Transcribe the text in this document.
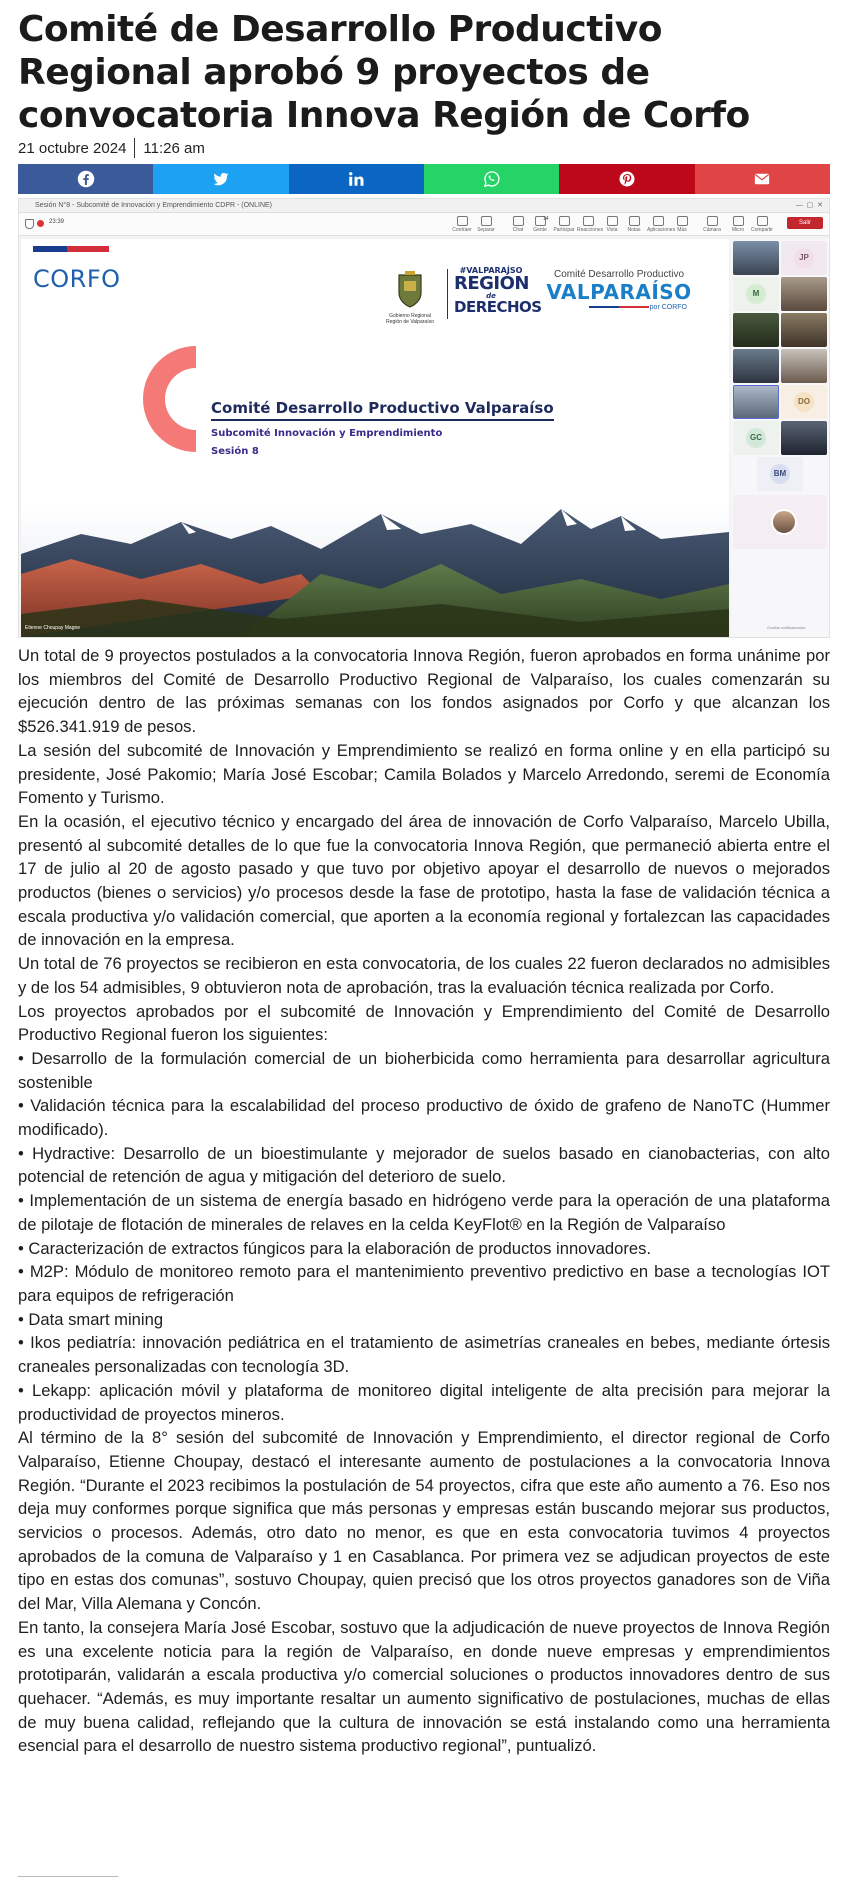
Comité de Desarrollo Productivo Regional aprobó 9 proyectos de convocatoria Innova Región de Corfo
21 octubre 2024 11:26 am
Sesión N°8 - Subcomité de Innovación y Emprendimiento CDPR - (ONLINE)	—  ▢  ✕
23:39
Contraer	Separar	Chat	Gente
14
Participar Reacciones Vista	Notas	Aplicaciones Más	Cámara	Micro	Compartir
Salir
CORFO
Gobierno Regional
Región de Valparaíso
#VALPARAÍSO
REGIÓN
de
DERECHOS
Comité Desarrollo Productivo
VALPARAÍSO
por CORFO
Comité Desarrollo Productivo Valparaíso
Subcomité Innovación y Emprendimiento
Sesión 8
Etienne Choupay Magne
JP
M
DO
GC
BM
Ocultar notificaciones

Un total de 9 proyectos postulados a la convocatoria Innova Región, fueron aprobados en forma unánime por los miembros del Comité de Desarrollo Productivo Regional de Valparaíso, los cuales comenzarán su ejecución dentro de las próximas semanas con los fondos asignados por Corfo y que alcanzan los $526.341.919 de pesos.

La sesión del subcomité de Innovación y Emprendimiento se realizó en forma online y en ella participó su presidente, José Pakomio; María José Escobar; Camila Bolados y Marcelo Arredondo, seremi de Economía Fomento y Turismo.

En la ocasión, el ejecutivo técnico y encargado del área de innovación de Corfo Valparaíso, Marcelo Ubilla, presentó al subcomité detalles de lo que fue la convocatoria Innova Región, que permaneció abierta entre el 17 de julio al 20 de agosto pasado y que tuvo por objetivo apoyar el desarrollo de nuevos o mejorados productos (bienes o servicios) y/o procesos desde la fase de prototipo, hasta la fase de validación técnica a escala productiva y/o validación comercial, que aporten a la economía regional y fortalezcan las capacidades de innovación en la empresa.

Un total de 76 proyectos se recibieron en esta convocatoria, de los cuales 22 fueron declarados no admisibles y de los 54 admisibles, 9 obtuvieron nota de aprobación, tras la evaluación técnica realizada por Corfo.

Los proyectos aprobados por el subcomité de Innovación y Emprendimiento del Comité de Desarrollo Productivo Regional fueron los siguientes:

• Desarrollo de la formulación comercial de un bioherbicida como herramienta para desarrollar agricultura sostenible

• Validación técnica para la escalabilidad del proceso productivo de óxido de grafeno de NanoTC (Hummer modificado).

• Hydractive: Desarrollo de un bioestimulante y mejorador de suelos basado en cianobacterias, con alto potencial de retención de agua y mitigación del deterioro de suelo.

• Implementación de un sistema de energía basado en hidrógeno verde para la operación de una plataforma de pilotaje de flotación de minerales de relaves en la celda KeyFlot® en la Región de Valparaíso

• Caracterización de extractos fúngicos para la elaboración de productos innovadores.

• M2P: Módulo de monitoreo remoto para el mantenimiento preventivo predictivo en base a tecnologías IOT para equipos de refrigeración

• Data smart mining

• Ikos pediatría: innovación pediátrica en el tratamiento de asimetrías craneales en bebes, mediante órtesis craneales personalizadas con tecnología 3D.

• Lekapp: aplicación móvil y plataforma de monitoreo digital inteligente de alta precisión para mejorar la productividad de proyectos mineros.

Al término de la 8° sesión del subcomité de Innovación y Emprendimiento, el director regional de Corfo Valparaíso, Etienne Choupay, destacó el interesante aumento de postulaciones a la convocatoria Innova Región. “Durante el 2023 recibimos la postulación de 54 proyectos, cifra que este año aumento a 76. Eso nos deja muy conformes porque significa que más personas y empresas están buscando mejorar sus productos, servicios o procesos. Además, otro dato no menor, es que en esta convocatoria tuvimos 4 proyectos aprobados de la comuna de Valparaíso y 1 en Casablanca. Por primera vez se adjudican proyectos de este tipo en estas dos comunas”, sostuvo Choupay, quien precisó que los otros proyectos ganadores son de Viña del Mar, Villa Alemana y Concón.

En tanto, la consejera María José Escobar, sostuvo que la adjudicación de nueve proyectos de Innova Región es una excelente noticia para la región de Valparaíso, en donde nueve empresas y emprendimientos prototiparán, validarán a escala productiva y/o comercial soluciones o productos innovadores dentro de sus quehacer. “Además, es muy importante resaltar un aumento significativo de postulaciones, muchas de ellas de muy buena calidad, reflejando que la cultura de innovación se está instalando como una herramienta esencial para el desarrollo de nuestro sistema productivo regional”, puntualizó.
